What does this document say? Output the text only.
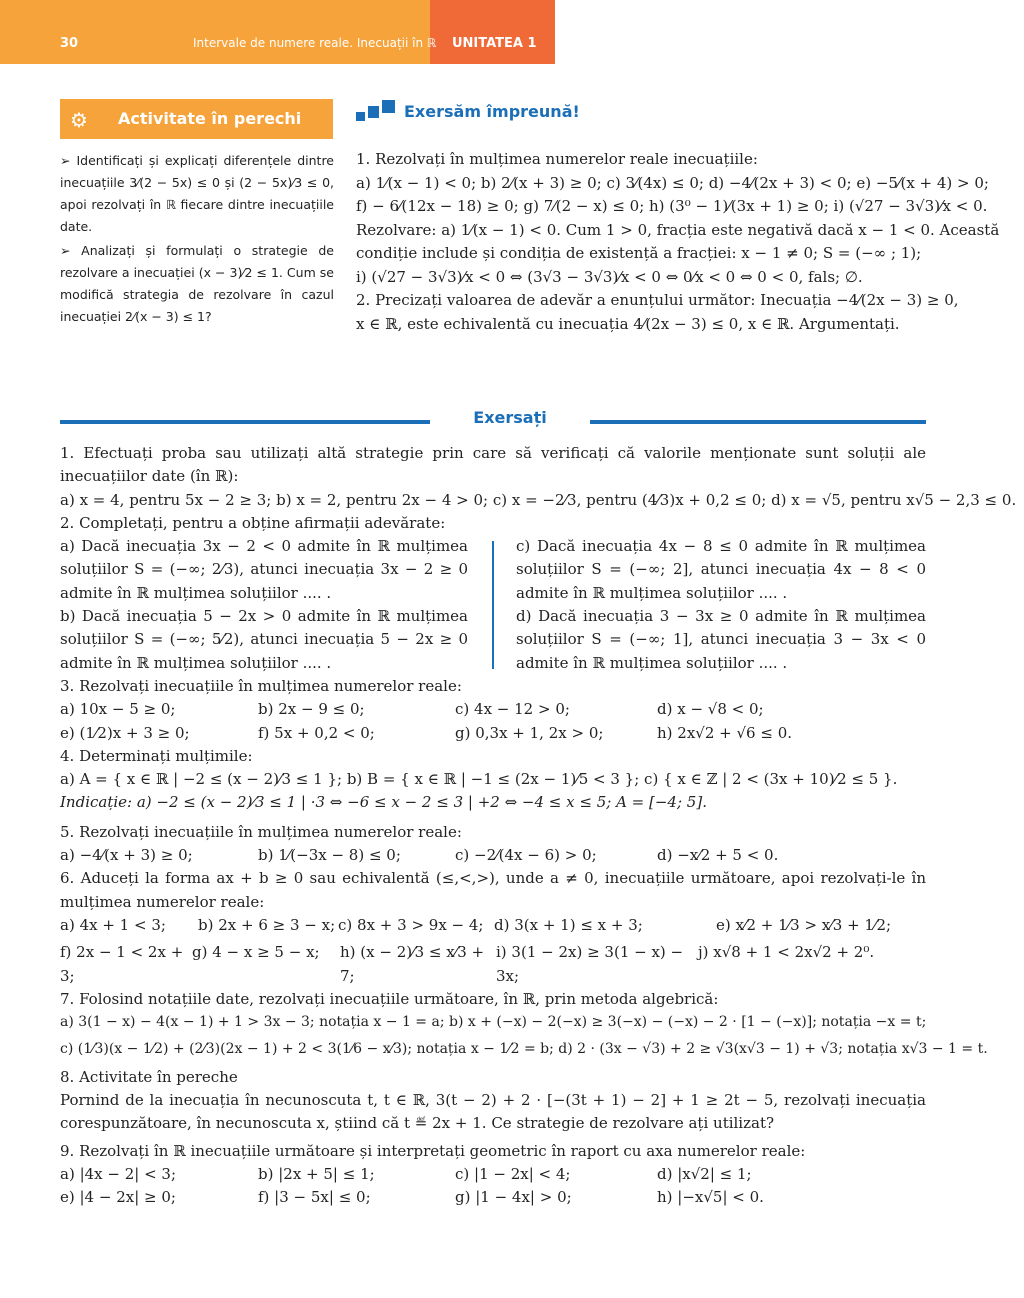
30	Intervale de numere reale. Inecuații în ℝ UNITATEA 1
⚙ Activitate în perechi

➢ Identificați și explicați diferențele dintre inecuațiile 3⁄(2 − 5x) ≤ 0 și (2 − 5x)⁄3 ≤ 0, apoi rezolvați în ℝ fiecare dintre inecuațiile date.

➢ Analizați și formulați o strategie de rezolvare a inecuației (x − 3)⁄2 ≤ 1. Cum se modifică strategia de rezolvare în cazul inecuației 2⁄(x − 3) ≤ 1?

Exersăm împreună!

1. Rezolvați în mulțimea numerelor reale inecuațiile:

a) 1⁄(x − 1) < 0; b) 2⁄(x + 3) ≥ 0; c) 3⁄(4x) ≤ 0; d) −4⁄(2x + 3) < 0; e) −5⁄(x + 4) > 0;

f) − 6⁄(12x − 18) ≥ 0; g) 7⁄(2 − x) ≤ 0; h) (3⁰ − 1)⁄(3x + 1) ≥ 0; i) (√27 − 3√3)⁄x < 0.

Rezolvare: a) 1⁄(x − 1) < 0. Cum 1 > 0, fracția este negativă dacă x − 1 < 0. Această

condiție include și condiția de existență a fracției: x − 1 ≠ 0; S = (−∞ ; 1);

i) (√27 − 3√3)⁄x < 0 ⇔ (3√3 − 3√3)⁄x < 0 ⇔ 0⁄x < 0 ⇔ 0 < 0, fals; ∅.

2. Precizați valoarea de adevăr a enunțului următor: Inecuația −4⁄(2x − 3) ≥ 0,

x ∈ ℝ, este echivalentă cu inecuația 4⁄(2x − 3) ≤ 0, x ∈ ℝ. Argumentați.

Exersați

1. Efectuați proba sau utilizați altă strategie prin care să verificați că valorile menționate sunt soluții ale inecuațiilor date (în ℝ):

a) x = 4, pentru 5x − 2 ≥ 3; b) x = 2, pentru 2x − 4 > 0; c) x = −2⁄3, pentru (4⁄3)x + 0,2 ≤ 0; d) x = √5, pentru x√5 − 2,3 ≤ 0.

2. Completați, pentru a obține afirmații adevărate:

a) Dacă inecuația 3x − 2 < 0 admite în ℝ mulțimea soluțiilor S = (−∞; 2⁄3), atunci inecuația 3x − 2 ≥ 0 admite în ℝ mulțimea soluțiilor .... .

b) Dacă inecuația 5 − 2x > 0 admite în ℝ mulțimea soluțiilor S = (−∞; 5⁄2), atunci inecuația 5 − 2x ≥ 0 admite în ℝ mulțimea soluțiilor .... .

c) Dacă inecuația 4x − 8 ≤ 0 admite în ℝ mulțimea soluțiilor S = (−∞; 2], atunci inecuația 4x − 8 < 0 admite în ℝ mulțimea soluțiilor .... .

d) Dacă inecuația 3 − 3x ≥ 0 admite în ℝ mulțimea soluțiilor S = (−∞; 1], atunci inecuația 3 − 3x < 0 admite în ℝ mulțimea soluțiilor .... .

3. Rezolvați inecuațiile în mulțimea numerelor reale:

a) 10x − 5 ≥ 0;	b) 2x − 9 ≤ 0;	c) 4x − 12 > 0;	d) x − √8 < 0;
e) (1⁄2)x + 3 ≥ 0;	f) 5x + 0,2 < 0;	g) 0,3x + 1, 2x > 0;	h) 2x√2 + √6 ≤ 0.

4. Determinați mulțimile:

a) A = { x ∈ ℝ | −2 ≤ (x − 2)⁄3 ≤ 1 }; b) B = { x ∈ ℝ | −1 ≤ (2x − 1)⁄5 < 3 }; c) { x ∈ ℤ | 2 < (3x + 10)⁄2 ≤ 5 }.

Indicație: a) −2 ≤ (x − 2)⁄3 ≤ 1 | ·3 ⇔ −6 ≤ x − 2 ≤ 3 | +2 ⇔ −4 ≤ x ≤ 5; A = [−4; 5].

5. Rezolvați inecuațiile în mulțimea numerelor reale:

a) −4⁄(x + 3) ≥ 0;	b) 1⁄(−3x − 8) ≤ 0;	c) −2⁄(4x − 6) > 0;	d) −x⁄2 + 5 < 0.

6. Aduceți la forma ax + b ≥ 0 sau echivalentă (≤,<,>), unde a ≠ 0, inecuațiile următoare, apoi rezolvați-le în mulțimea numerelor reale:

a) 4x + 1 < 3;	b) 2x + 6 ≥ 3 − x; c) 8x + 3 > 9x − 4; d) 3(x + 1) ≤ x + 3;	e) x⁄2 + 1⁄3 > x⁄3 + 1⁄2;
f) 2x − 1 < 2x + 3;
g) 4 − x ≥ 5 − x;	h) (x − 2)⁄3 ≤ x⁄3 + 7;
i) 3(1 − 2x) ≥ 3(1 − x) − 3x;
j) x√8 + 1 < 2x√2 + 2⁰.

7. Folosind notațiile date, rezolvați inecuațiile următoare, în ℝ, prin metoda algebrică:

a) 3(1 − x) − 4(x − 1) + 1 > 3x − 3; notația x − 1 = a; b) x + (−x) − 2(−x) ≥ 3(−x) − (−x) − 2 · [1 − (−x)]; notația −x = t;

c) (1⁄3)(x − 1⁄2) + (2⁄3)(2x − 1) + 2 < 3(1⁄6 − x⁄3); notația x − 1⁄2 = b; d) 2 · (3x − √3) + 2 ≥ √3(x√3 − 1) + √3; notația x√3 − 1 = t.

8. Activitate în pereche

Pornind de la inecuația în necunoscuta t, t ∈ ℝ, 3(t − 2) + 2 · [−(3t + 1) − 2] + 1 ≥ 2t − 5, rezolvați inecuația corespunzătoare, în necunoscuta x, știind că t ≝ 2x + 1. Ce strategie de rezolvare ați utilizat?

9. Rezolvați în ℝ inecuațiile următoare și interpretați geometric în raport cu axa numerelor reale:

a) |4x − 2| < 3;	b) |2x + 5| ≤ 1;	c) |1 − 2x| < 4;	d) |x√2| ≤ 1;
e) |4 − 2x| ≥ 0;	f) |3 − 5x| ≤ 0;	g) |1 − 4x| > 0;	h) |−x√5| < 0.
